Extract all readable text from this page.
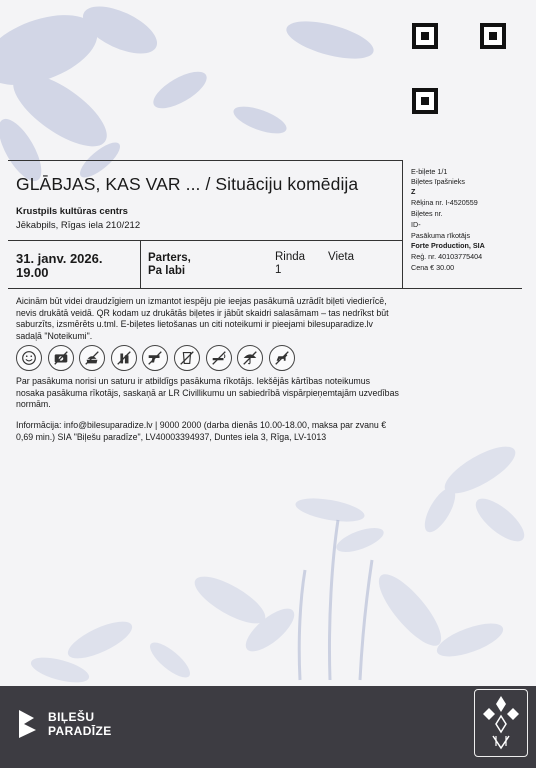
GLĀBJAS, KAS VAR ... / Situāciju komēdija
Krustpils kultūras centrs
Jēkabpils, Rīgas iela 210/212
31. janv. 2026.
19.00
Parters,
Pa labi
Rinda
1
Vieta
E-biļete 1/1
Biļetes īpašnieks
Z
Rēķina nr. I-4520559
Biļetes nr.
ID-
Pasākuma rīkotājs
Forte Production, SIA
Reģ. nr. 40103775404
Cena € 30.00
Aicinām būt videi draudzīgiem un izmantot iespēju pie ieejas pasākumā uzrādīt biļeti viedierīcē, nevis drukātā veidā. QR kodam uz drukātās biļetes ir jābūt skaidri salasāmam – tas nedrīkst būt saburzīts, izsmērēts u.tml. E-biļetes lietošanas un citi noteikumi ir pieejami bilesuparadize.lv sadaļā "Noteikumi".
Par pasākuma norisi un saturu ir atbildīgs pasākuma rīkotājs. Iekšējās kārtības noteikumus nosaka pasākuma rīkotājs, saskaņā ar LR Civillikumu un sabiedrībā vispārpieņemtajām uzvedības normām.
Informācija: info@bilesuparadize.lv | 9000 2000 (darba dienās 10.00-18.00, maksa par zvanu € 0,69 min.) SIA "Biļešu paradīze", LV40003394937, Duntes iela 3, Rīga, LV-1013
BIĻEŠU
PARADĪZE
